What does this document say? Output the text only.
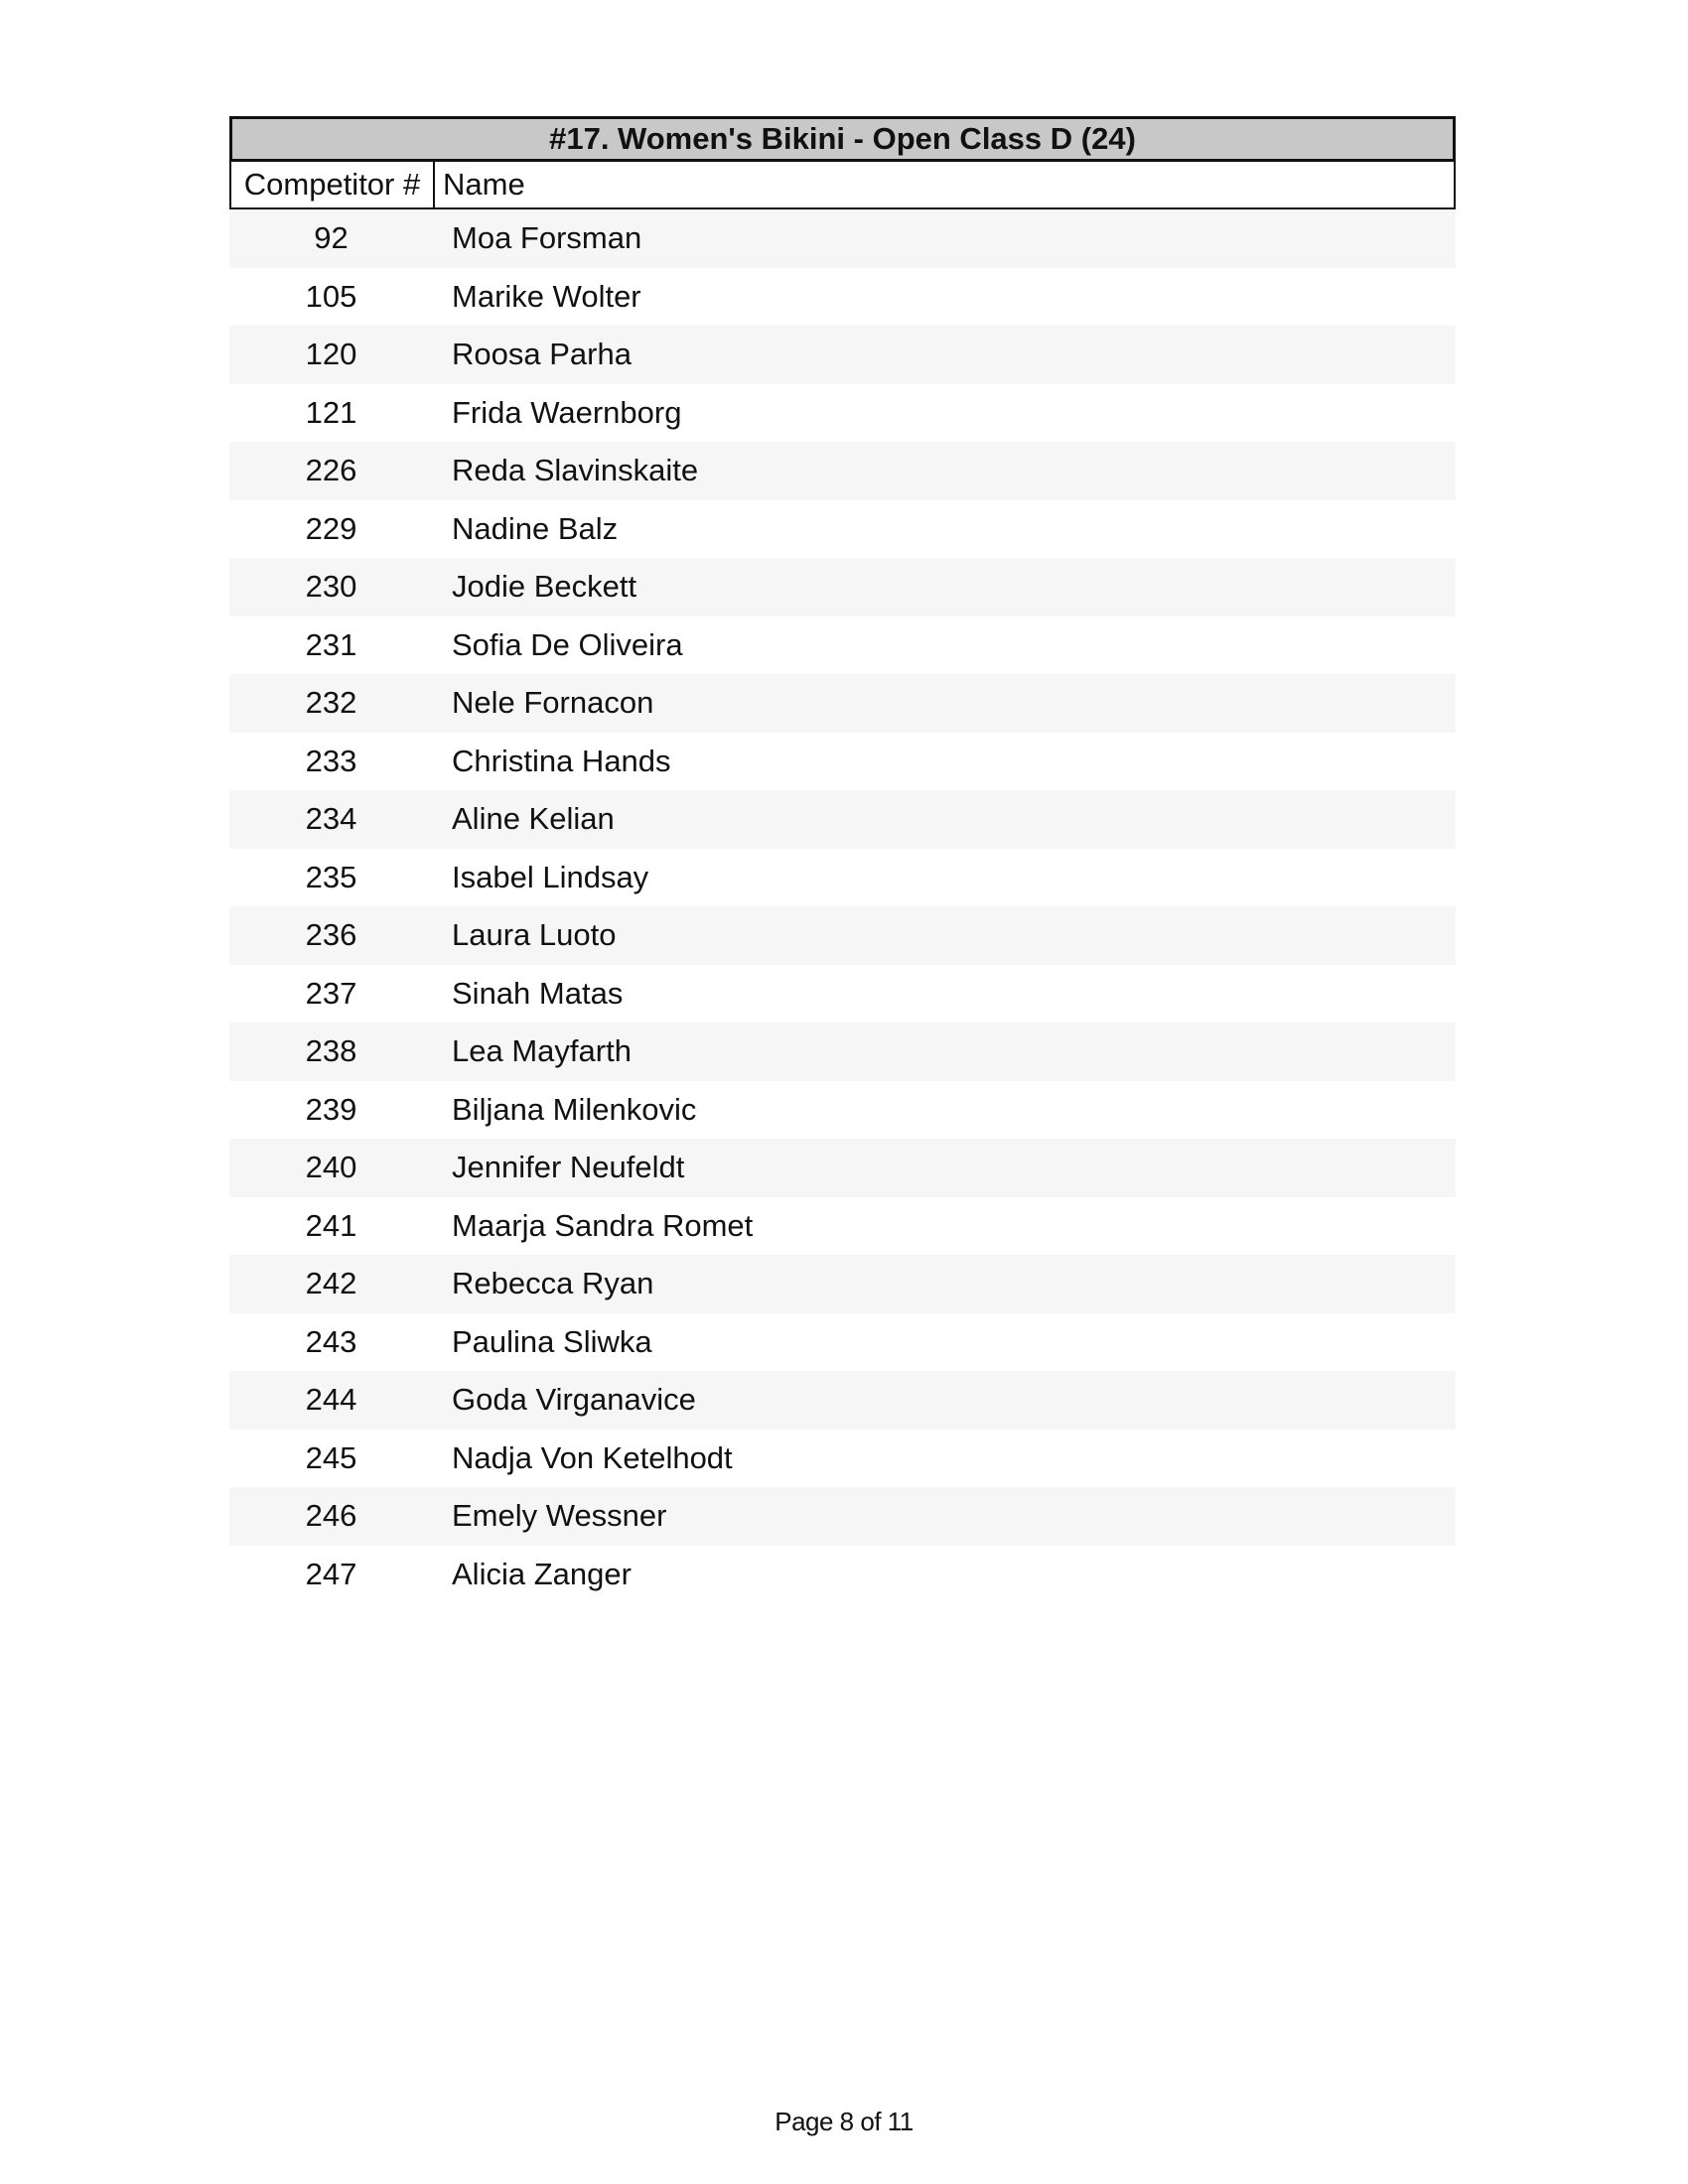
#17. Women's Bikini - Open Class D (24)
Competitor # Name
92	Moa Forsman
105	Marike Wolter
120	Roosa Parha
121	Frida Waernborg
226	Reda Slavinskaite
229	Nadine Balz
230	Jodie Beckett
231	Sofia De Oliveira
232	Nele Fornacon
233	Christina Hands
234	Aline Kelian
235	Isabel Lindsay
236	Laura Luoto
237	Sinah Matas
238	Lea Mayfarth
239	Biljana Milenkovic
240	Jennifer Neufeldt
241	Maarja Sandra Romet
242	Rebecca Ryan
243	Paulina Sliwka
244	Goda Virganavice
245	Nadja Von Ketelhodt
246	Emely Wessner
247	Alicia Zanger
Page 8 of 11
